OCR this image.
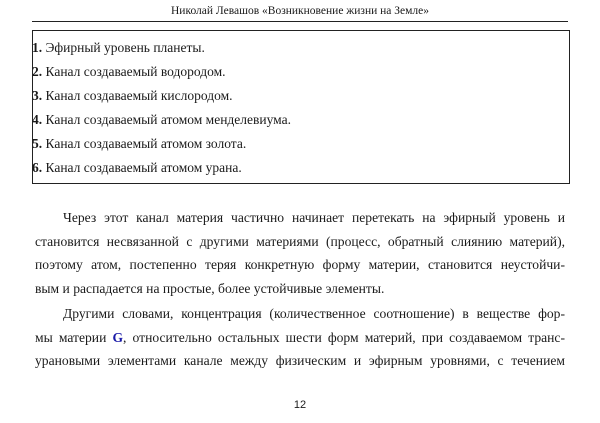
Николай Левашов «Возникновение жизни на Земле»
1. Эфирный уровень планеты.
2. Канал создаваемый водородом.
3. Канал создаваемый кислородом.
4. Канал создаваемый атомом менделевиума.
5. Канал создаваемый атомом золота.
6. Канал создаваемый атомом урана.
Через этот канал материя частично начинает перетекать на эфирный уровень и
становится несвязанной с другими материями (процесс, обратный слиянию материй),
поэтому атом, постепенно теряя конкретную форму материи, становится неустойчи-
вым и распадается на простые, более устойчивые элементы.
Другими словами, концентрация (количественное соотношение) в веществе фор-
мы материи G, относительно остальных шести форм материй, при создаваемом транс-
урановыми элементами канале между физическим и эфирным уровнями, с течением
12
